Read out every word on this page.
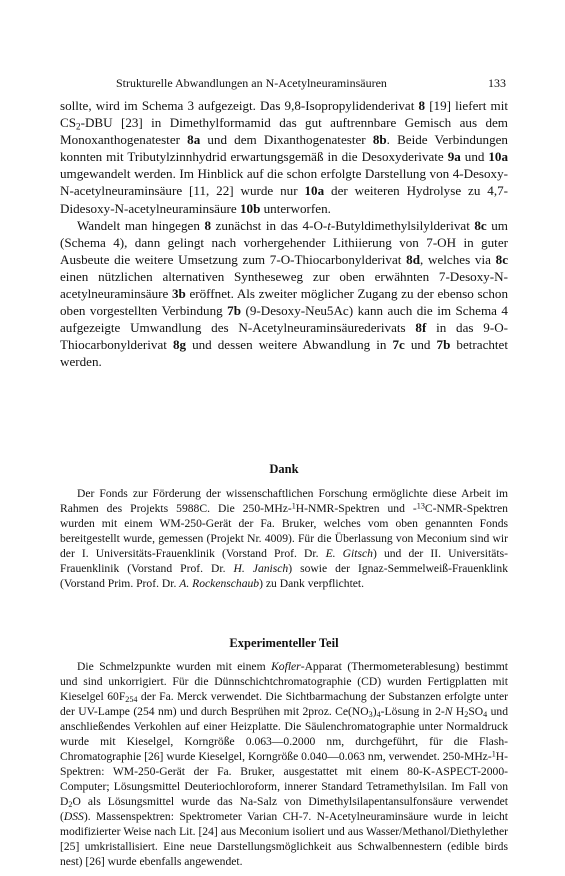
Strukturelle Abwandlungen an N-Acetylneuraminsäuren	133

sollte, wird im Schema 3 aufgezeigt. Das 9,8-Isopropylidenderivat 8 [19] liefert mit $CS_2$-DBU [23] in Dimethylformamid das gut auftrennbare Gemisch aus dem Monoxanthogenatester 8a und dem Dixanthogenatester 8b. Beide Verbindungen konnten mit Tributylzinnhydrid erwartungsgemäß in die Desoxyderivate 9a und 10a umgewandelt werden. Im Hinblick auf die schon erfolgte Darstellung von 4-Desoxy-N-acetylneuraminsäure [11, 22] wurde nur 10a der weiteren Hydrolyse zu 4,7-Didesoxy-N-acetylneuraminsäure 10b unterworfen.

Wandelt man hingegen 8 zunächst in das 4-O-t-Butyldimethylsilylderivat 8c um (Schema 4), dann gelingt nach vorhergehender Lithiierung von 7-OH in guter Ausbeute die weitere Umsetzung zum 7-O-Thiocarbonylderivat 8d, welches via 8c einen nützlichen alternativen Syntheseweg zur oben erwähnten 7-Desoxy-N-acetylneuraminsäure 3b eröffnet. Als zweiter möglicher Zugang zu der ebenso schon oben vorgestellten Verbindung 7b (9-Desoxy-Neu5Ac) kann auch die im Schema 4 aufgezeigte Umwandlung des N-Acetylneuraminsäurederivats 8f in das 9-O-Thiocarbonylderivat 8g und dessen weitere Abwandlung in 7c und 7b betrachtet werden.

Dank

Der Fonds zur Förderung der wissenschaftlichen Forschung ermöglichte diese Arbeit im Rahmen des Projekts 5988C. Die 250-MHz-$^1$H-NMR-Spektren und -$^{13}$C-NMR-Spektren wurden mit einem WM-250-Gerät der Fa. Bruker, welches vom oben genannten Fonds bereitgestellt wurde, gemessen (Projekt Nr. 4009). Für die Überlassung von Meconium sind wir der I. Universitäts-Frauenklinik (Vorstand Prof. Dr. E. Gitsch) und der II. Universitäts-Frauenklinik (Vorstand Prof. Dr. H. Janisch) sowie der Ignaz-Semmelweiß-Frauenklink (Vorstand Prim. Prof. Dr. A. Rockenschaub) zu Dank verpflichtet.

Experimenteller Teil

Die Schmelzpunkte wurden mit einem Kofler-Apparat (Thermometerablesung) bestimmt und sind unkorrigiert. Für die Dünnschichtchromatographie (CD) wurden Fertigplatten mit Kieselgel $60F_{254}$ der Fa. Merck verwendet. Die Sichtbarmachung der Substanzen erfolgte unter der UV-Lampe (254 nm) und durch Besprühen mit 2proz. $Ce(NO_3)_4$-Lösung in 2-N $H_2SO_4$ und anschließendes Verkohlen auf einer Heizplatte. Die Säulenchromatographie unter Normaldruck wurde mit Kieselgel, Korngröße 0.063—0.2000 nm, durchgeführt, für die Flash-Chromatographie [26] wurde Kieselgel, Korngröße 0.040—0.063 nm, verwendet. 250-MHz-$^1$H-Spektren: WM-250-Gerät der Fa. Bruker, ausgestattet mit einem 80-K-ASPECT-2000-Computer; Lösungsmittel Deuteriochloroform, innerer Standard Tetramethylsilan. Im Fall von $D_2O$ als Lösungsmittel wurde das Na-Salz von Dimethylsilapentansulfonsäure verwendet (DSS). Massenspektren: Spektrometer Varian CH-7. N-Acetylneuraminsäure wurde in leicht modifizierter Weise nach Lit. [24] aus Meconium isoliert und aus Wasser/Methanol/Diethylether [25] umkristallisiert. Eine neue Darstellungsmöglichkeit aus Schwalbennestern (edible birds nest) [26] wurde ebenfalls angewendet.
